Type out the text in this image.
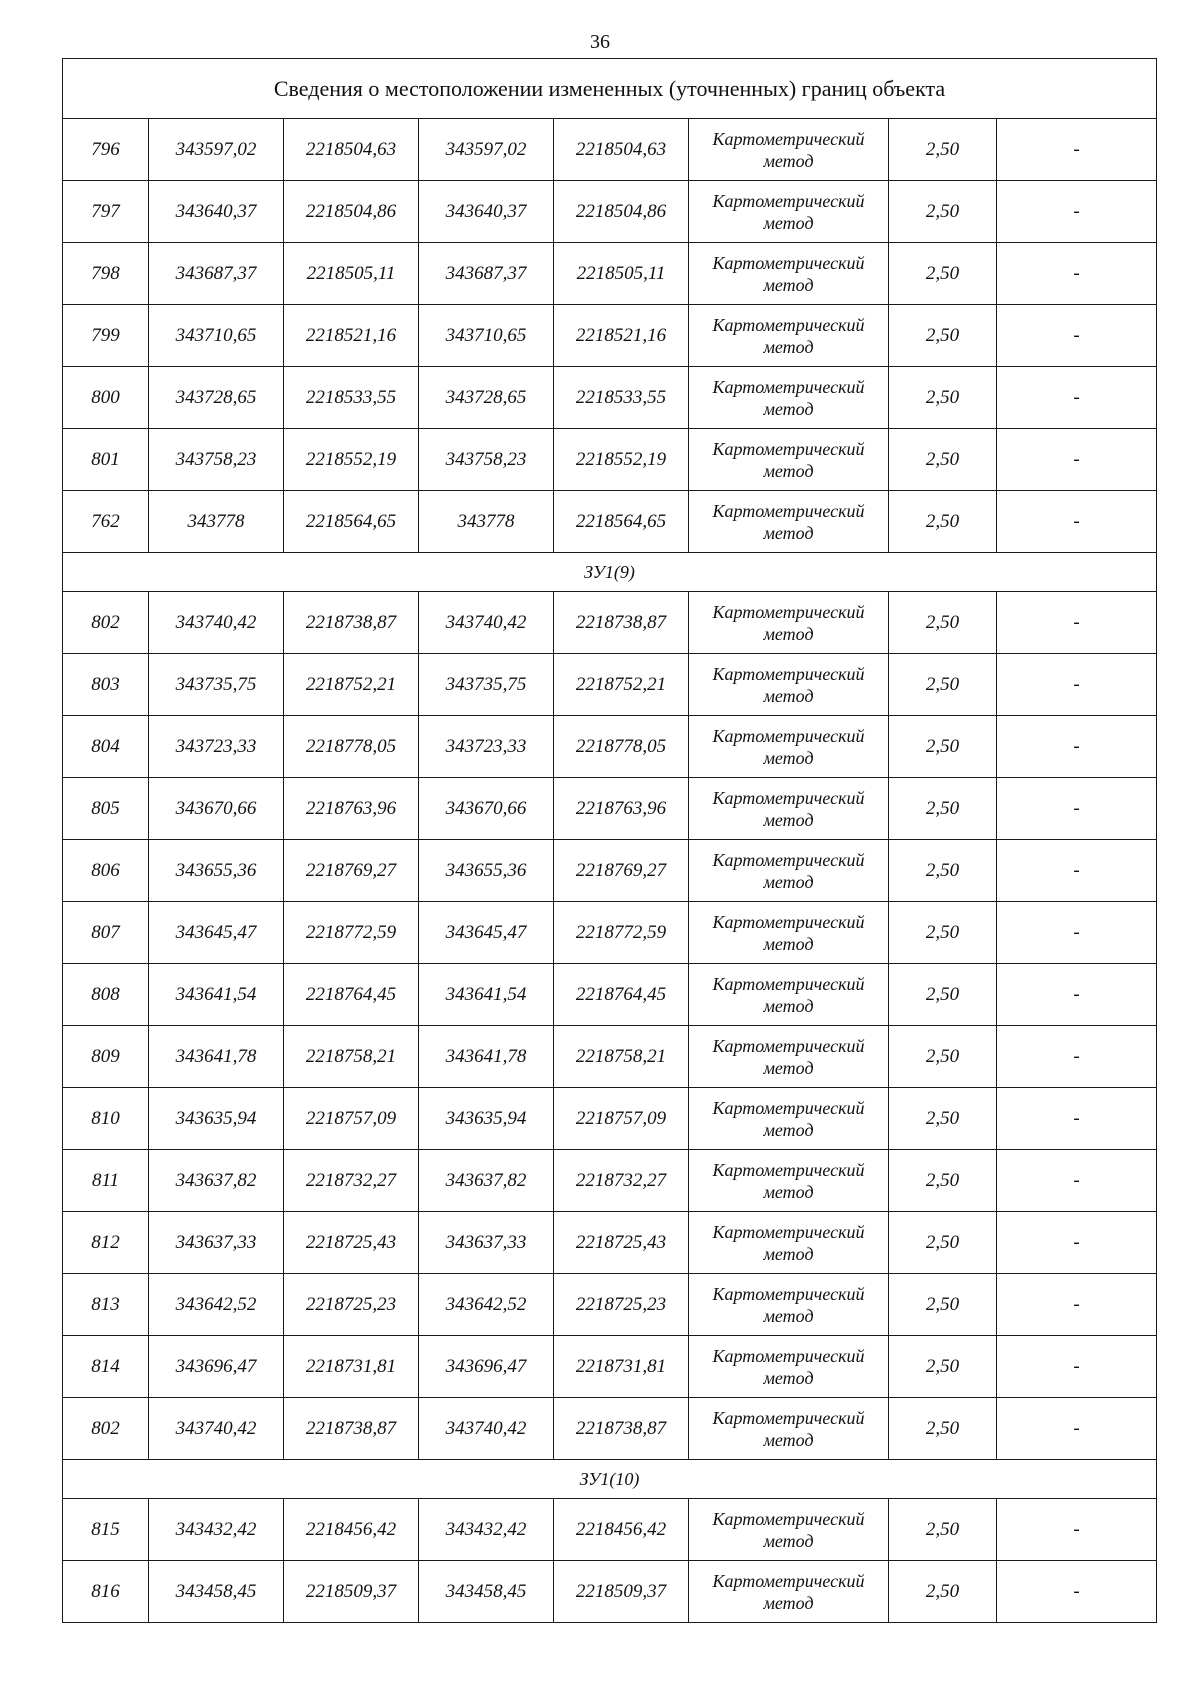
36
Сведения о местоположении измененных (уточненных) границ объекта							
796	343597,02	2218504,63	343597,02	2218504,63	Картометрический
метод	2,50	-
797	343640,37	2218504,86	343640,37	2218504,86	Картометрический
метод	2,50	-
798	343687,37	2218505,11	343687,37	2218505,11	Картометрический
метод	2,50	-
799	343710,65	2218521,16	343710,65	2218521,16	Картометрический
метод	2,50	-
800	343728,65	2218533,55	343728,65	2218533,55	Картометрический
метод	2,50	-
801	343758,23	2218552,19	343758,23	2218552,19	Картометрический
метод	2,50	-
762	343778	2218564,65	343778	2218564,65	Картометрический
метод	2,50	-
ЗУ1(9)							
802	343740,42	2218738,87	343740,42	2218738,87	Картометрический
метод	2,50	-
803	343735,75	2218752,21	343735,75	2218752,21	Картометрический
метод	2,50	-
804	343723,33	2218778,05	343723,33	2218778,05	Картометрический
метод	2,50	-
805	343670,66	2218763,96	343670,66	2218763,96	Картометрический
метод	2,50	-
806	343655,36	2218769,27	343655,36	2218769,27	Картометрический
метод	2,50	-
807	343645,47	2218772,59	343645,47	2218772,59	Картометрический
метод	2,50	-
808	343641,54	2218764,45	343641,54	2218764,45	Картометрический
метод	2,50	-
809	343641,78	2218758,21	343641,78	2218758,21	Картометрический
метод	2,50	-
810	343635,94	2218757,09	343635,94	2218757,09	Картометрический
метод	2,50	-
811	343637,82	2218732,27	343637,82	2218732,27	Картометрический
метод	2,50	-
812	343637,33	2218725,43	343637,33	2218725,43	Картометрический
метод	2,50	-
813	343642,52	2218725,23	343642,52	2218725,23	Картометрический
метод	2,50	-
814	343696,47	2218731,81	343696,47	2218731,81	Картометрический
метод	2,50	-
802	343740,42	2218738,87	343740,42	2218738,87	Картометрический
метод	2,50	-
ЗУ1(10)							
815	343432,42	2218456,42	343432,42	2218456,42	Картометрический
метод	2,50	-
816	343458,45	2218509,37	343458,45	2218509,37	Картометрический
метод	2,50	-
